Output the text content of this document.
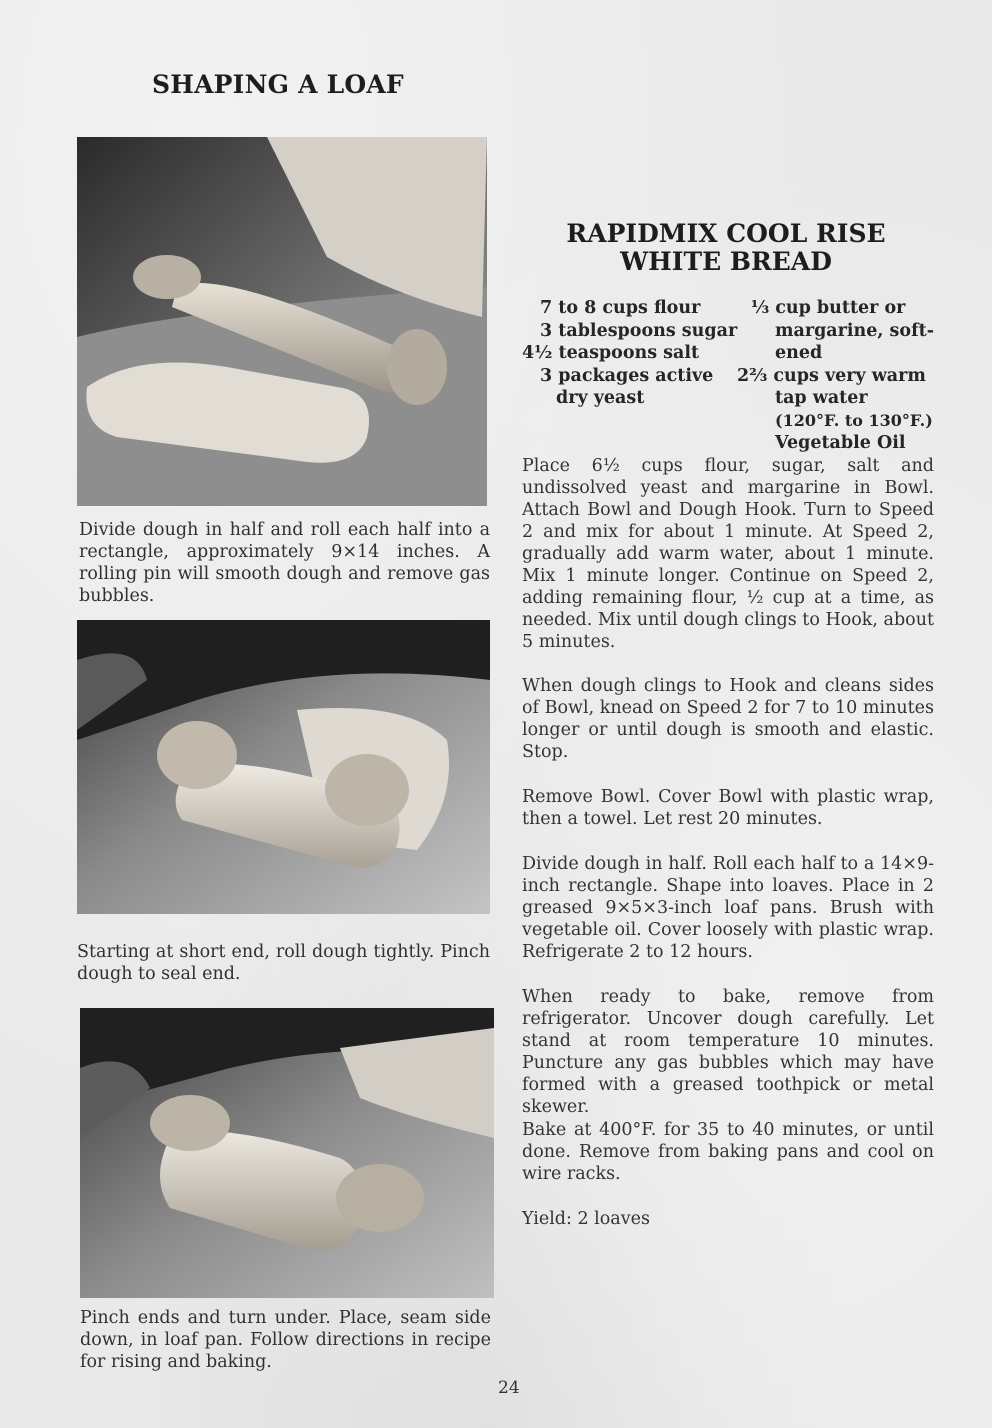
SHAPING A LOAF

Divide dough in half and roll each half into a rectangle, approximately 9×14 inches. A rolling pin will smooth dough and remove gas bubbles.

Starting at short end, roll dough tightly. Pinch dough to seal end.

Pinch ends and turn under. Place, seam side down, in loaf pan. Follow directions in recipe for rising and baking.

RAPIDMIX COOL RISE
WHITE BREAD
7 to 8 cups flour
3 tablespoons sugar
4½ teaspoons salt
3 packages active
dry yeast
⅓ cup butter or
margarine, soft-
ened
2⅔ cups very warm
tap water
(120°F. to 130°F.)
Vegetable Oil

Place 6½ cups flour, sugar, salt and undissolved yeast and margarine in Bowl. Attach Bowl and Dough Hook. Turn to Speed 2 and mix for about 1 minute. At Speed 2, gradually add warm water, about 1 minute. Mix 1 minute longer. Continue on Speed 2, adding remaining flour, ½ cup at a time, as needed. Mix until dough clings to Hook, about 5 minutes.

When dough clings to Hook and cleans sides of Bowl, knead on Speed 2 for 7 to 10 minutes longer or until dough is smooth and elastic. Stop.

Remove Bowl. Cover Bowl with plastic wrap, then a towel. Let rest 20 minutes.

Divide dough in half. Roll each half to a 14×9-inch rectangle. Shape into loaves. Place in 2 greased 9×5×3-inch loaf pans. Brush with vegetable oil. Cover loosely with plastic wrap. Refrigerate 2 to 12 hours.

When ready to bake, remove from refrigerator. Uncover dough carefully. Let stand at room temperature 10 minutes. Puncture any gas bubbles which may have formed with a greased toothpick or metal skewer.

Bake at 400°F. for 35 to 40 minutes, or until done. Remove from baking pans and cool on wire racks.

Yield: 2 loaves

24
